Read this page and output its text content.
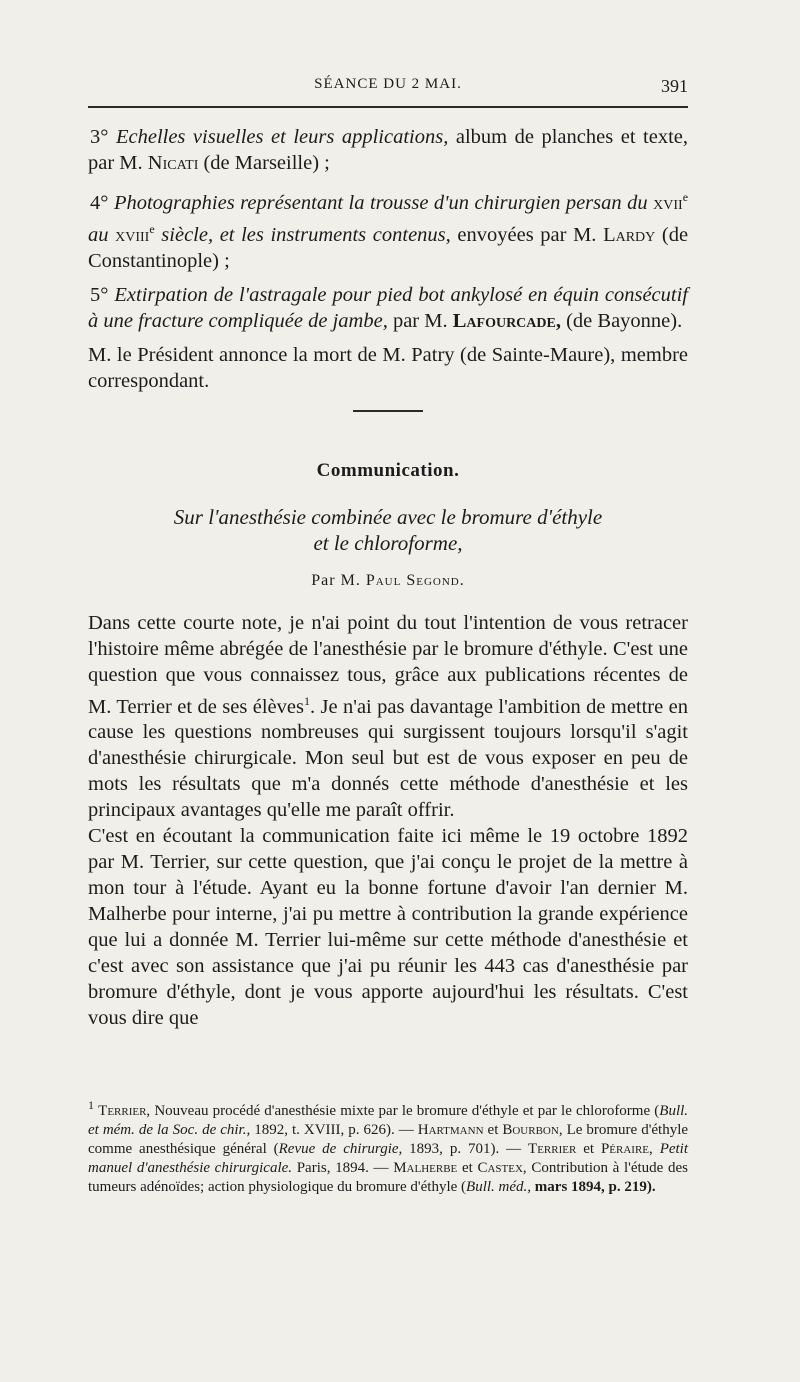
SÉANCE DU 2 MAI.	391

3° Echelles visuelles et leurs applications, album de planches et texte, par M. Nicati (de Marseille) ;

4° Photographies représentant la trousse d'un chirurgien persan du xvii$^e$ au xviii$^e$ siècle, et les instruments contenus, envoyées par M. Lardy (de Constantinople) ;

5° Extirpation de l'astragale pour pied bot ankylosé en équin consécutif à une fracture compliquée de jambe, par M. Lafourcade, (de Bayonne).

M. le Président annonce la mort de M. Patry (de Sainte-Maure), membre correspondant.

Communication.
Sur l'anesthésie combinée avec le bromure d'éthyle
et le chloroforme,
Par M. Paul Segond.

Dans cette courte note, je n'ai point du tout l'intention de vous retracer l'histoire même abrégée de l'anesthésie par le bromure d'éthyle. C'est une question que vous connaissez tous, grâce aux publications récentes de M. Terrier et de ses élèves$^1$. Je n'ai pas davantage l'ambition de mettre en cause les questions nombreuses qui surgissent toujours lorsqu'il s'agit d'anesthésie chirurgicale. Mon seul but est de vous exposer en peu de mots les résultats que m'a donnés cette méthode d'anesthésie et les principaux avantages qu'elle me paraît offrir.

C'est en écoutant la communication faite ici même le 19 octobre 1892 par M. Terrier, sur cette question, que j'ai conçu le projet de la mettre à mon tour à l'étude. Ayant eu la bonne fortune d'avoir l'an dernier M. Malherbe pour interne, j'ai pu mettre à contribution la grande expérience que lui a donnée M. Terrier lui-même sur cette méthode d'anesthésie et c'est avec son assistance que j'ai pu réunir les 443 cas d'anesthésie par bromure d'éthyle, dont je vous apporte aujourd'hui les résultats. C'est vous dire que

$^1$ Terrier, Nouveau procédé d'anesthésie mixte par le bromure d'éthyle et par le chloroforme (Bull. et mém. de la Soc. de chir., 1892, t. XVIII, p. 626). — Hartmann et Bourbon, Le bromure d'éthyle comme anesthésique général (Revue de chirurgie, 1893, p. 701). — Terrier et Péraire, Petit manuel d'anesthésie chirurgicale. Paris, 1894. — Malherbe et Castex, Contribution à l'étude des tumeurs adénoïdes; action physiologique du bromure d'éthyle (Bull. méd., mars 1894, p. 219).
